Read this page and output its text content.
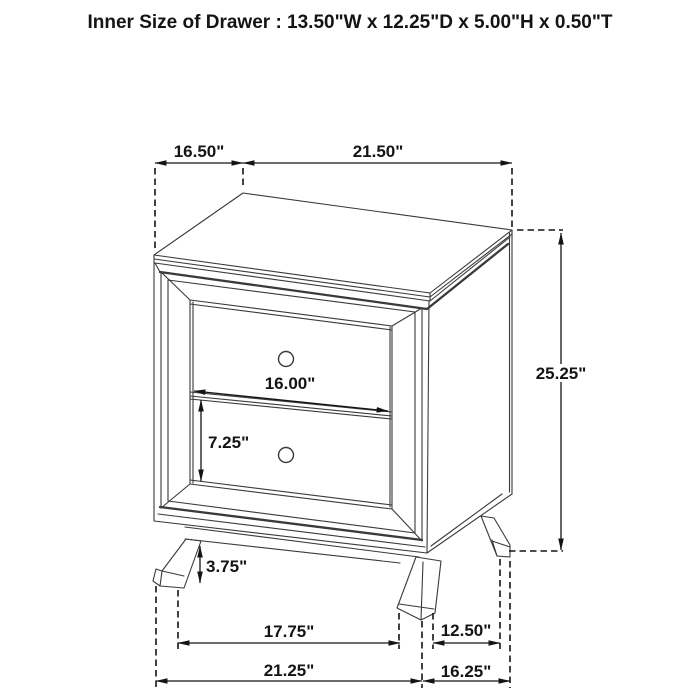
Inner Size of Drawer : 13.50"W x 12.25"D x 5.00"H x 0.50"T
16.50"	21.50"
25.25"
16.00"
7.25"
3.75"
17.75"
21.25"
12.50"
16.25"
